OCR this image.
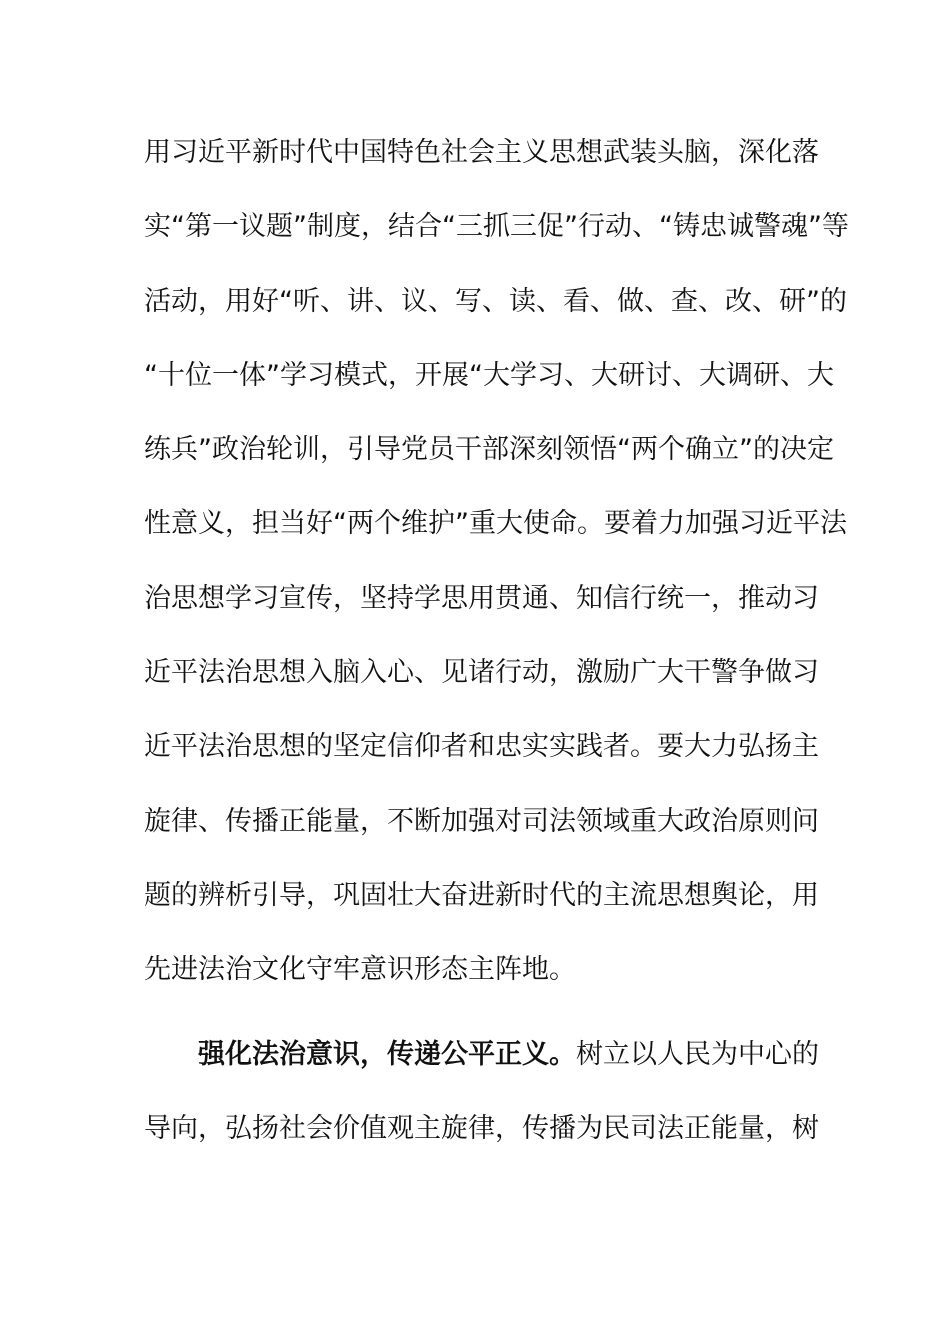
用习近平新时代中国特色社会主义思想武装头脑，深化落
实“第一议题”制度，结合“三抓三促”行动、“铸忠诚警魂”等
活动，用好“听、讲、议、写、读、看、做、查、改、研”的
“十位一体”学习模式，开展“大学习、大研讨、大调研、大
练兵”政治轮训，引导党员干部深刻领悟“两个确立”的决定
性意义，担当好“两个维护”重大使命。要着力加强习近平法
治思想学习宣传，坚持学思用贯通、知信行统一，推动习
近平法治思想入脑入心、见诸行动，激励广大干警争做习
近平法治思想的坚定信仰者和忠实实践者。要大力弘扬主
旋律、传播正能量，不断加强对司法领域重大政治原则问
题的辨析引导，巩固壮大奋进新时代的主流思想舆论，用
先进法治文化守牢意识形态主阵地。
强化法治意识，传递公平正义。树立以人民为中心的
导向，弘扬社会价值观主旋律，传播为民司法正能量，树
